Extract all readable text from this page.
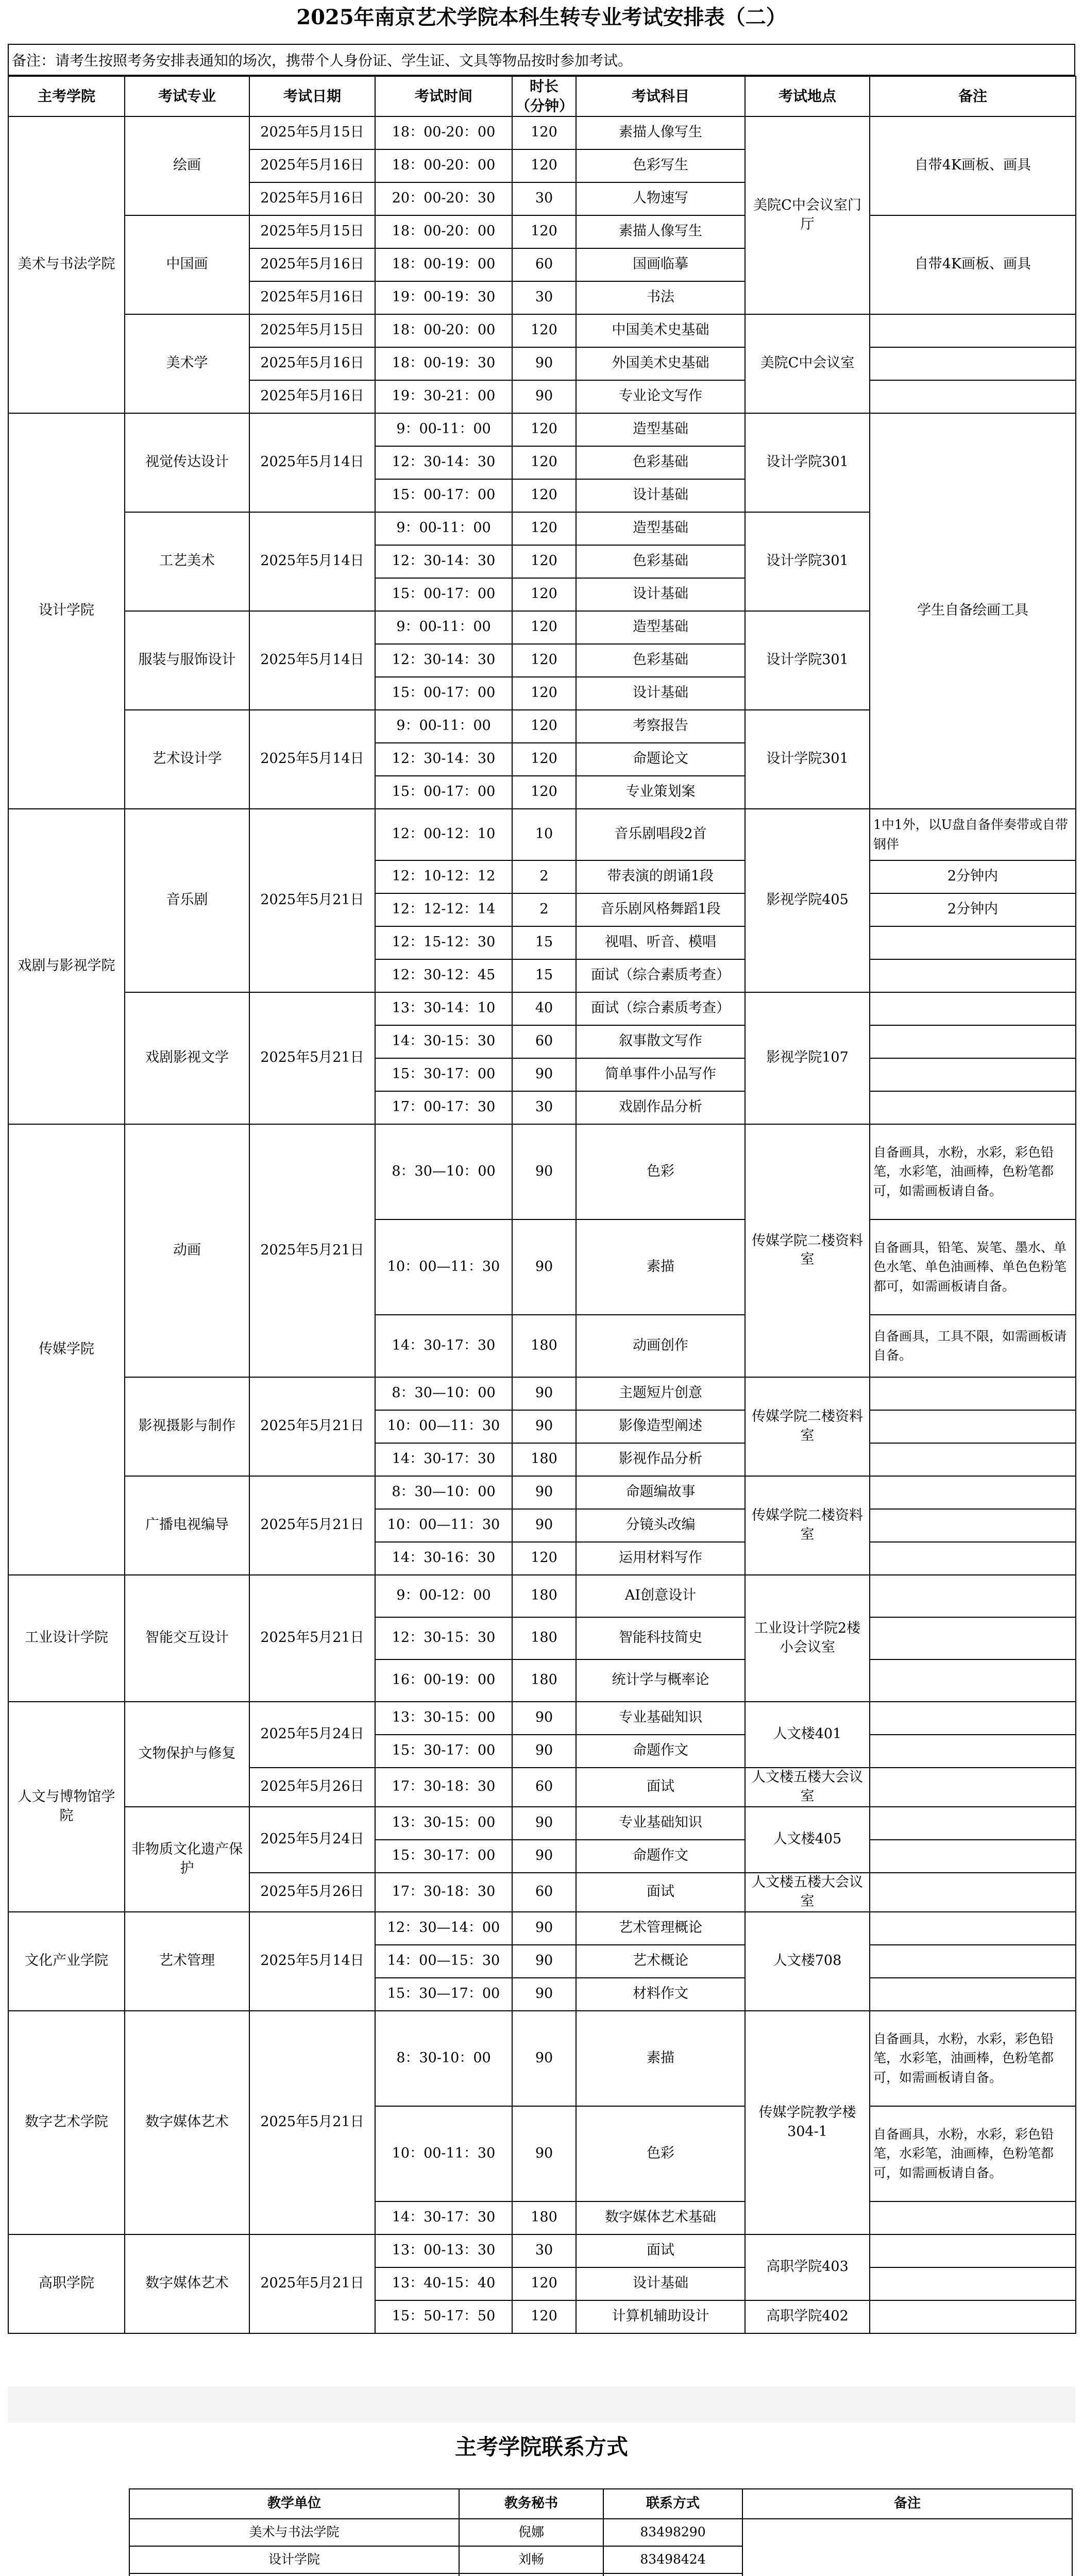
2025年南京艺术学院本科生转专业考试安排表（二）
备注：请考生按照考务安排表通知的场次，携带个人身份证、学生证、文具等物品按时参加考试。
主考学院	考试专业	考试日期	考试时间	时长（分钟）	考试科目	考试地点	备注
美术与书法学院	绘画	2025年5月15日	18：00-20：00	120	素描人像写生	美院C中会议室门厅	自带4K画板、画具
		2025年5月16日	18：00-20：00	120	色彩写生		
		2025年5月16日	20：00-20：30	30	人物速写		
	中国画	2025年5月15日	18：00-20：00	120	素描人像写生		自带4K画板、画具
		2025年5月16日	18：00-19：00	60	国画临摹		
		2025年5月16日	19：00-19：30	30	书法		
	美术学	2025年5月15日	18：00-20：00	120	中国美术史基础	美院C中会议室	
		2025年5月16日	18：00-19：30	90	外国美术史基础		
		2025年5月16日	19：30-21：00	90	专业论文写作		
设计学院	视觉传达设计	2025年5月14日	9：00-11：00	120	造型基础	设计学院301	学生自备绘画工具
			12：30-14：30	120	色彩基础		
			15：00-17：00	120	设计基础		
	工艺美术	2025年5月14日	9：00-11：00	120	造型基础	设计学院301	
			12：30-14：30	120	色彩基础		
			15：00-17：00	120	设计基础		
	服装与服饰设计	2025年5月14日	9：00-11：00	120	造型基础	设计学院301	
			12：30-14：30	120	色彩基础		
			15：00-17：00	120	设计基础		
	艺术设计学	2025年5月14日	9：00-11：00	120	考察报告	设计学院301	
			12：30-14：30	120	命题论文		
			15：00-17：00	120	专业策划案		
戏剧与影视学院	音乐剧	2025年5月21日	12：00-12：10	10	音乐剧唱段2首	影视学院405	1中1外，以U盘自备伴奏带或自带钢伴
			12：10-12：12	2	带表演的朗诵1段		2分钟内
			12：12-12：14	2	音乐剧风格舞蹈1段		2分钟内
			12：15-12：30	15	视唱、听音、模唱		
			12：30-12：45	15	面试（综合素质考查）		
	戏剧影视文学	2025年5月21日	13：30-14：10	40	面试（综合素质考查）	影视学院107	
			14：30-15：30	60	叙事散文写作		
			15：30-17：00	90	简单事件小品写作		
			17：00-17：30	30	戏剧作品分析		
传媒学院	动画	2025年5月21日	8：30—10：00	90	色彩	传媒学院二楼资料室	自备画具，水粉，水彩，彩色铅笔，水彩笔，油画棒，色粉笔都可，如需画板请自备。
			10：00—11：30	90	素描		自备画具，铅笔、炭笔、墨水、单色水笔、单色油画棒、单色色粉笔都可，如需画板请自备。
			14：30-17：30	180	动画创作		自备画具，工具不限，如需画板请自备。
	影视摄影与制作	2025年5月21日	8：30—10：00	90	主题短片创意	传媒学院二楼资料室	
			10：00—11：30	90	影像造型阐述		
			14：30-17：30	180	影视作品分析		
	广播电视编导	2025年5月21日	8：30—10：00	90	命题编故事	传媒学院二楼资料室	
			10：00—11：30	90	分镜头改编		
			14：30-16：30	120	运用材料写作		
工业设计学院	智能交互设计	2025年5月21日	9：00-12：00	180	AI创意设计	工业设计学院2楼小会议室	
			12：30-15：30	180	智能科技简史		
			16：00-19：00	180	统计学与概率论		
人文与博物馆学院	文物保护与修复	2025年5月24日	13：30-15：00	90	专业基础知识	人文楼401	
			15：30-17：00	90	命题作文		
		2025年5月26日	17：30-18：30	60	面试	人文楼五楼大会议室	
	非物质文化遗产保护	2025年5月24日	13：30-15：00	90	专业基础知识	人文楼405	
			15：30-17：00	90	命题作文		
		2025年5月26日	17：30-18：30	60	面试	人文楼五楼大会议室	
文化产业学院	艺术管理	2025年5月14日	12：30—14：00	90	艺术管理概论	人文楼708	
			14：00—15：30	90	艺术概论		
			15：30—17：00	90	材料作文		
数字艺术学院	数字媒体艺术	2025年5月21日	8：30-10：00	90	素描	传媒学院教学楼304-1	自备画具，水粉，水彩，彩色铅笔，水彩笔，油画棒，色粉笔都可，如需画板请自备。
			10：00-11：30	90	色彩		自备画具，水粉，水彩，彩色铅笔，水彩笔，油画棒，色粉笔都可，如需画板请自备。
			14：30-17：30	180	数字媒体艺术基础		
高职学院	数字媒体艺术	2025年5月21日	13：00-13：30	30	面试	高职学院403	
			13：40-15：40	120	设计基础		
			15：50-17：50	120	计算机辅助设计	高职学院402	
主考学院联系方式
教学单位	教务秘书	联系方式	备注
美术与书法学院	倪娜	83498290	
设计学院	刘畅	83498424	
